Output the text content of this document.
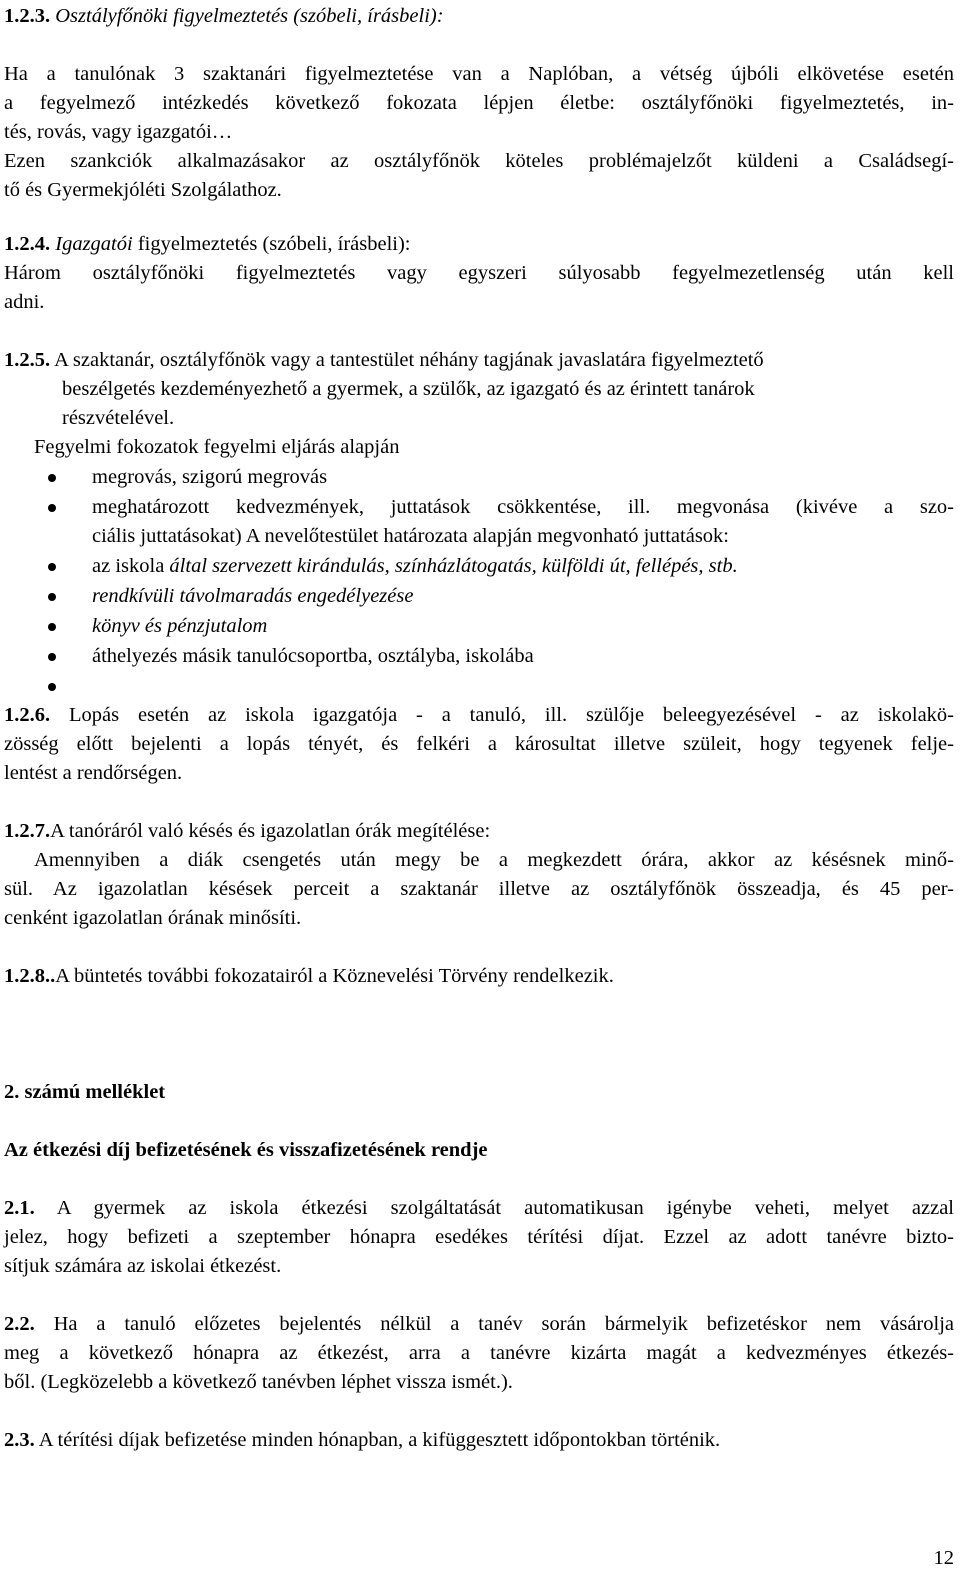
1.2.3. Osztályfőnöki figyelmeztetés (szóbeli, írásbeli):

Ha a tanulónak 3 szaktanári figyelmeztetése van a Naplóban, a vétség újbóli elkövetése esetén
a fegyelmező intézkedés következő fokozata lépjen életbe: osztályfőnöki figyelmeztetés, in-
tés, rovás, vagy igazgatói…
Ezen szankciók alkalmazásakor az osztályfőnök köteles problémajelzőt küldeni a Családsegí-
tő és Gyermekjóléti Szolgálathoz.

1.2.4. Igazgatói figyelmeztetés (szóbeli, írásbeli):

Három osztályfőnöki figyelmeztetés vagy egyszeri súlyosabb fegyelmezetlenség után kell
adni.
1.2.5. A szaktanár, osztályfőnök vagy a tantestület néhány tagjának javaslatára figyelmeztető
beszélgetés kezdeményezhető a gyermek, a szülők, az igazgató és az érintett tanárok
részvételével.

Fegyelmi fokozatok fegyelmi eljárás alapján

megrovás, szigorú megrovás
meghatározott kedvezmények, juttatások csökkentése, ill. megvonása (kivéve a szo-
ciális juttatásokat) A nevelőtestület határozata alapján megvonható juttatások:
az iskola által szervezett kirándulás, színházlátogatás, külföldi út, fellépés, stb.
rendkívüli távolmaradás engedélyezése
könyv és pénzjutalom
áthelyezés másik tanulócsoportba, osztályba, iskolába
1.2.6. Lopás esetén az iskola igazgatója - a tanuló, ill. szülője beleegyezésével - az iskolakö-
zösség előtt bejelenti a lopás tényét, és felkéri a károsultat illetve szüleit, hogy tegyenek felje-
lentést a rendőrségen.

1.2.7.A tanóráról való késés és igazolatlan órák megítélése:

Amennyiben a diák csengetés után megy be a megkezdett órára, akkor az késésnek minő-
sül. Az igazolatlan késések perceit a szaktanár illetve az osztályfőnök összeadja, és 45 per-
cenként igazolatlan órának minősíti.

1.2.8..A büntetés további fokozatairól a Köznevelési Törvény rendelkezik.

2. számú melléklet

Az étkezési díj befizetésének és visszafizetésének rendje

2.1. A gyermek az iskola étkezési szolgáltatását automatikusan igénybe veheti, melyet azzal
jelez, hogy befizeti a szeptember hónapra esedékes térítési díjat. Ezzel az adott tanévre bizto-
sítjuk számára az iskolai étkezést.
2.2. Ha a tanuló előzetes bejelentés nélkül a tanév során bármelyik befizetéskor nem vásárolja
meg a következő hónapra az étkezést, arra a tanévre kizárta magát a kedvezményes étkezés-
ből. (Legközelebb a következő tanévben léphet vissza ismét.).

2.3. A térítési díjak befizetése minden hónapban, a kifüggesztett időpontokban történik.

12
